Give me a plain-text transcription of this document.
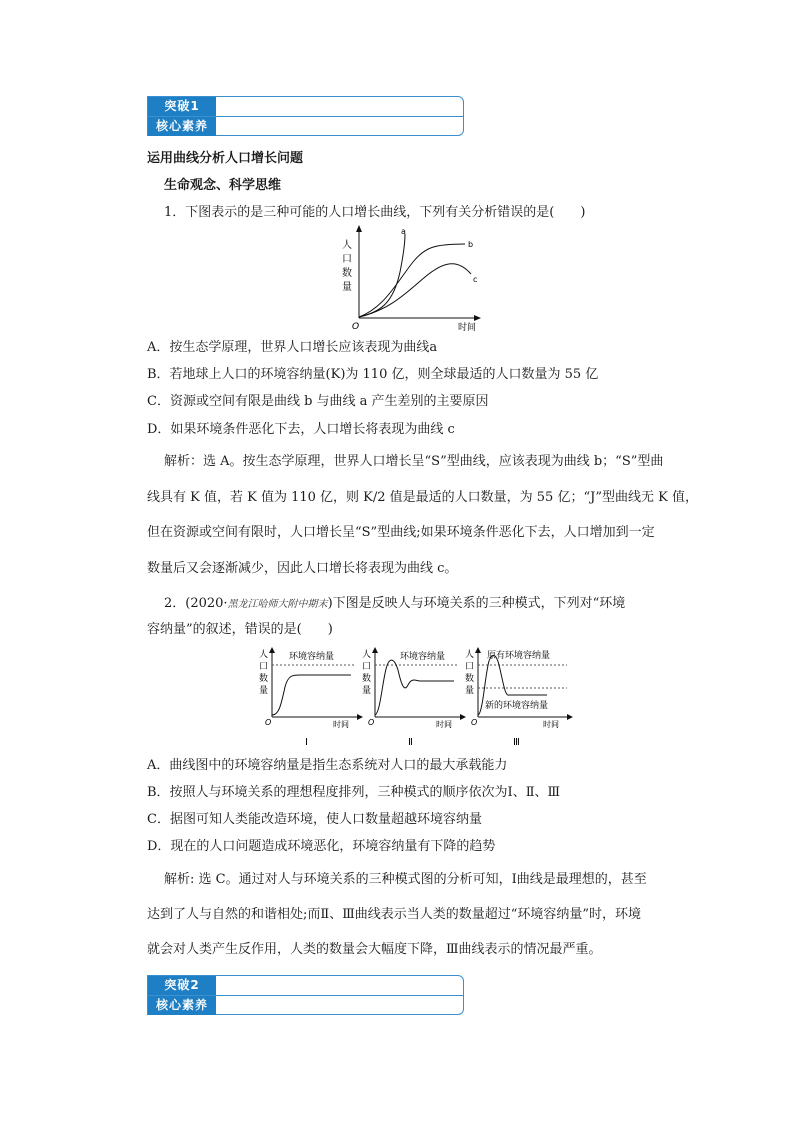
突破1
核心素养
运用曲线分析人口增长问题
生命观念、科学思维
1．下图表示的是三种可能的人口增长曲线，下列有关分析错误的是(　　)
人
口
数
量
O	时间
a
b
c
A．按生态学原理，世界人口增长应该表现为曲线a
B．若地球上人口的环境容纳量(K)为 110 亿，则全球最适的人口数量为 55 亿
C．资源或空间有限是曲线 b 与曲线 a 产生差别的主要原因
D．如果环境条件恶化下去，人口增长将表现为曲线 c
解析：选 A。按生态学原理，世界人口增长呈“S”型曲线，应该表现为曲线 b；“S”型曲
线具有 K 值，若 K 值为 110 亿，则 K/2 值是最适的人口数量，为 55 亿；“J”型曲线无 K 值，
但在资源或空间有限时，人口增长呈“S”型曲线;如果环境条件恶化下去，人口增加到一定
数量后又会逐渐减少，因此人口增长将表现为曲线 c。
2．(2020·黑龙江哈师大附中期末)下图是反映人与环境关系的三种模式，下列对“环境
容纳量”的叙述，错误的是(　　)
人
口
数
量
O	时间
环境容纳量
Ⅰ
人
口
数
量
O	时间
环境容纳量
Ⅱ
人
口
数
量
O	时间
原有环境容纳量
新的环境容纳量
Ⅲ
A．曲线图中的环境容纳量是指生态系统对人口的最大承载能力
B．按照人与环境关系的理想程度排列，三种模式的顺序依次为Ⅰ、Ⅱ、Ⅲ
C．据图可知人类能改造环境，使人口数量超越环境容纳量
D．现在的人口问题造成环境恶化，环境容纳量有下降的趋势
解析: 选 C。通过对人与环境关系的三种模式图的分析可知，Ⅰ曲线是最理想的，甚至
达到了人与自然的和谐相处;而Ⅱ、Ⅲ曲线表示当人类的数量超过“环境容纳量”时，环境
就会对人类产生反作用，人类的数量会大幅度下降，Ⅲ曲线表示的情况最严重。
突破2
核心素养
